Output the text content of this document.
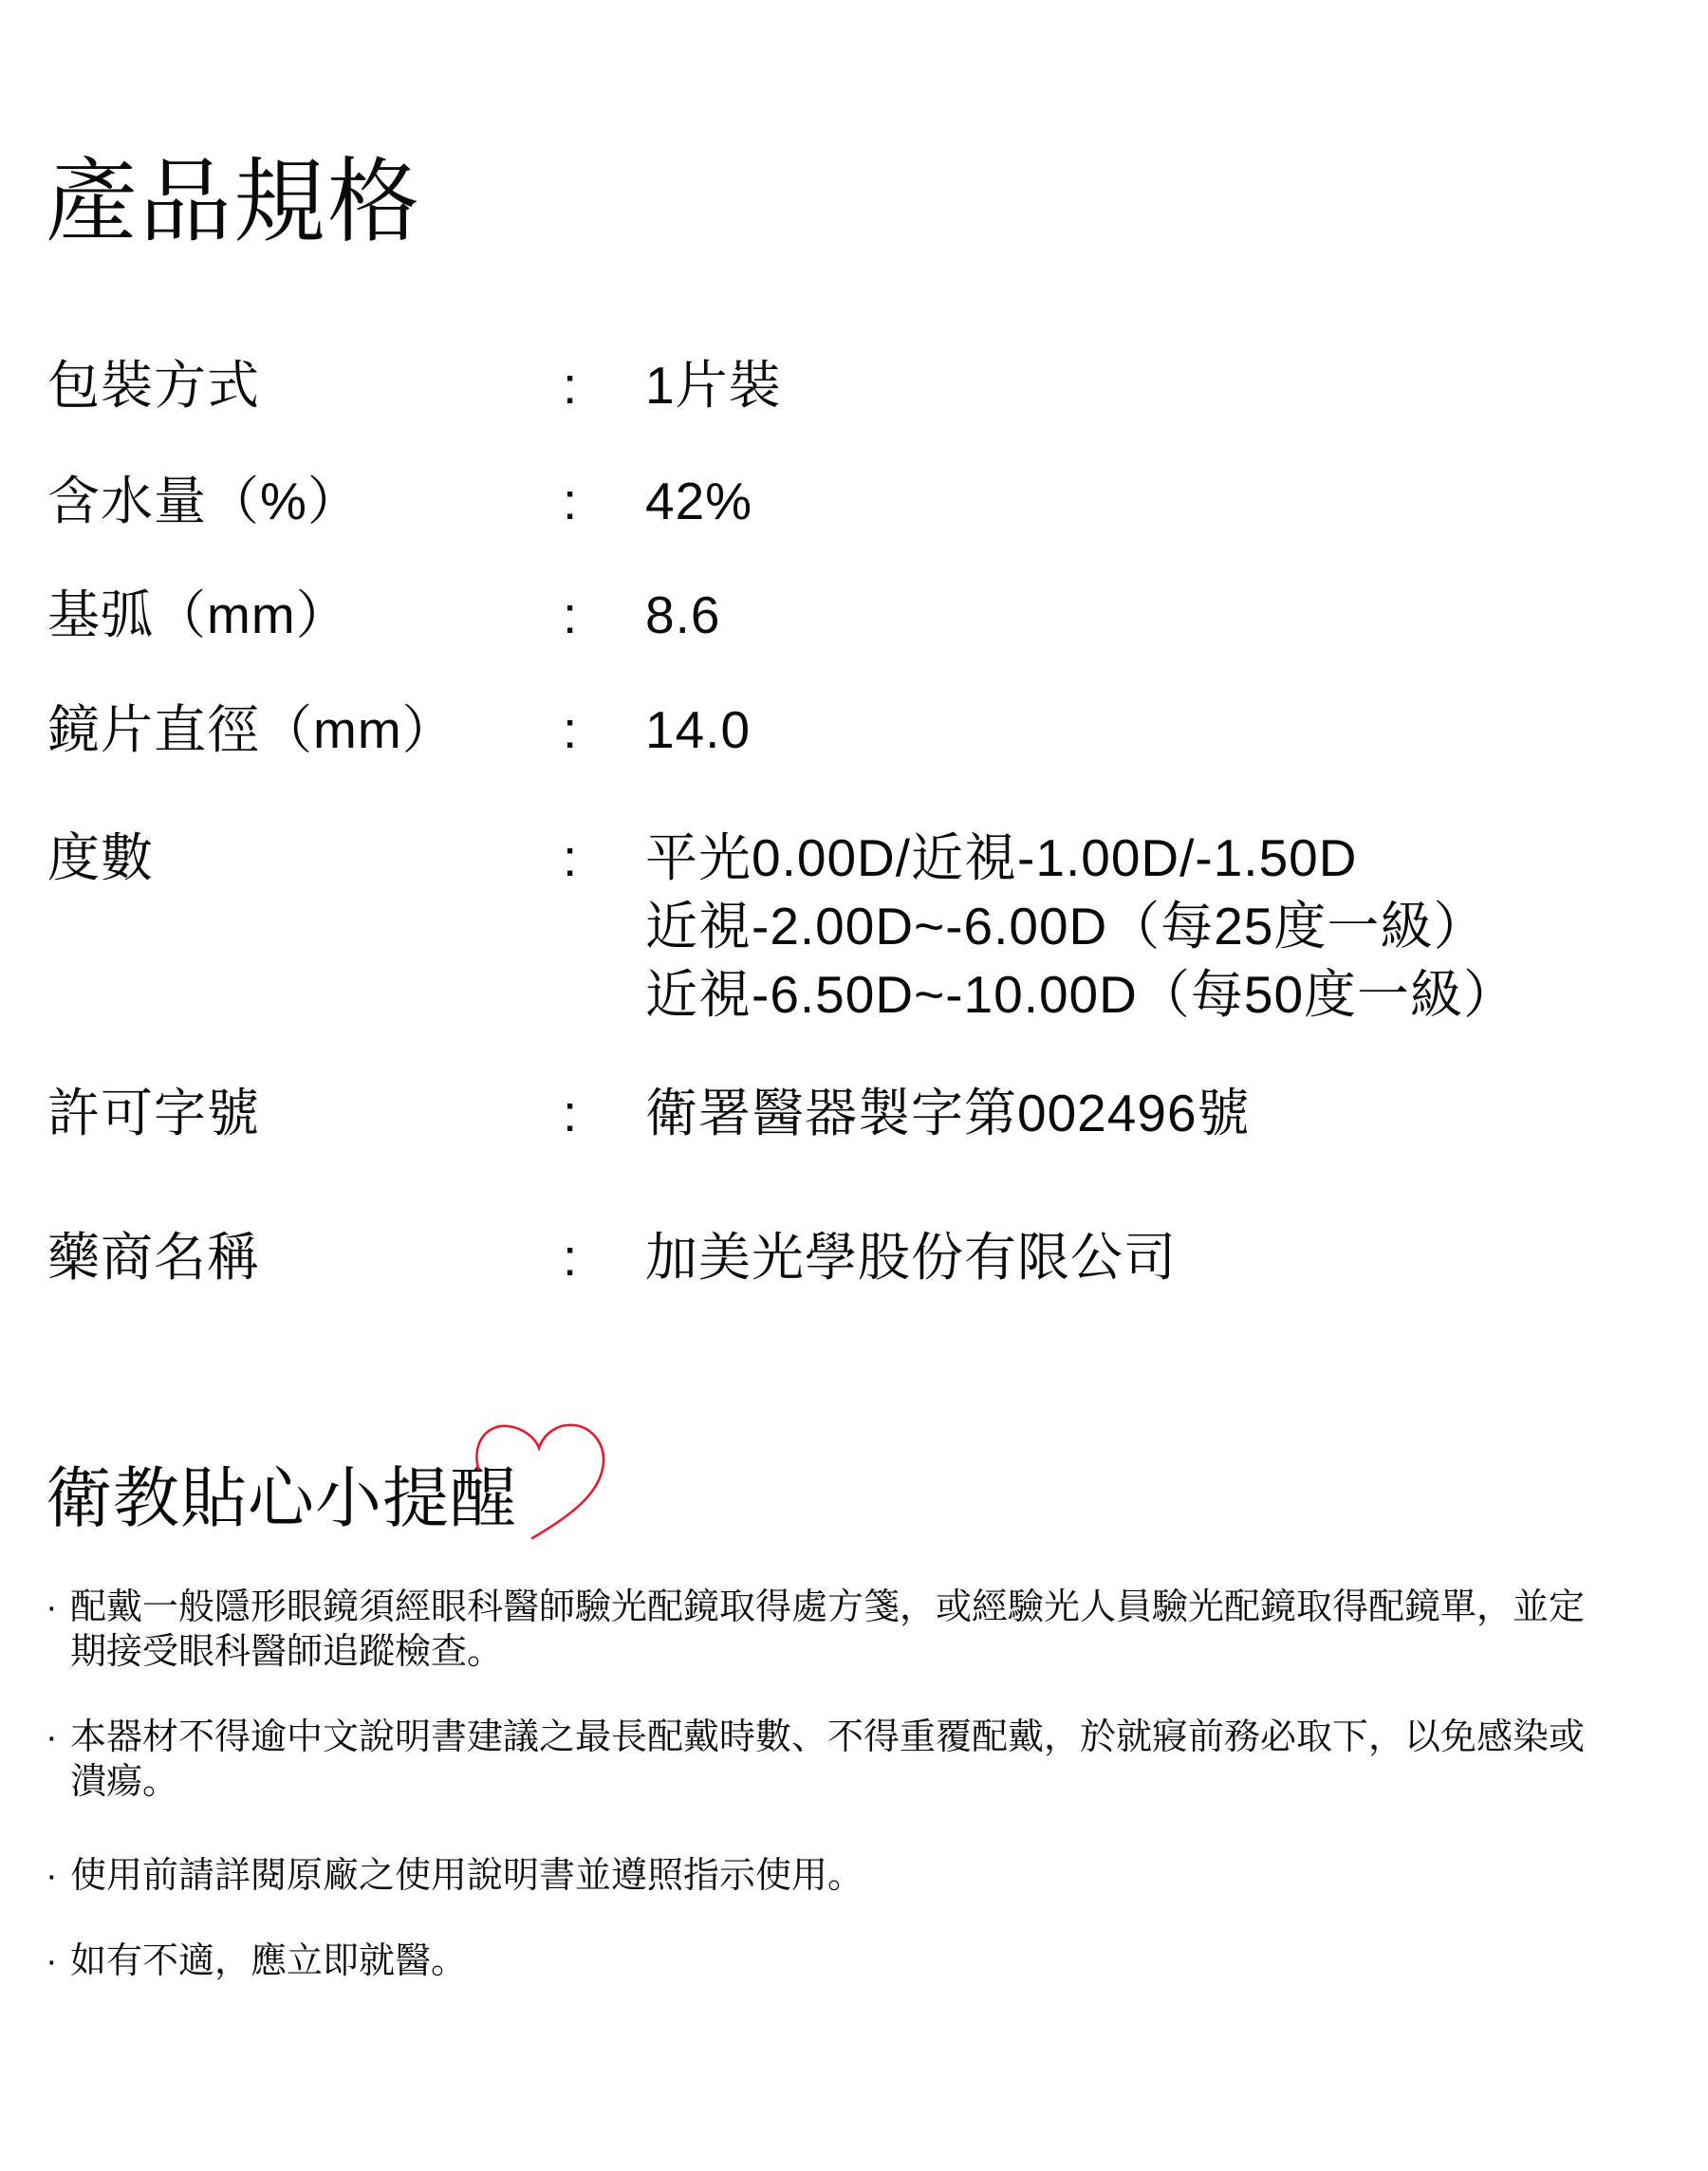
產品規格
包裝方式	: 1片裝
含水量（%）	: 42%
基弧（mm）	: 8.6
鏡片直徑（mm） : 14.0
度數	: 平光0.00D/近視-1.00D/-1.50D
近視-2.00D~-6.00D（每25度一級）
近視-6.50D~-10.00D（每50度一級）
許可字號	: 衛署醫器製字第002496號
藥商名稱	: 加美光學股份有限公司
衛教貼心小提醒
· 配戴一般隱形眼鏡須經眼科醫師驗光配鏡取得處方箋，或經驗光人員驗光配鏡取得配鏡單，並定
期接受眼科醫師追蹤檢查。
· 本器材不得逾中文說明書建議之最長配戴時數、不得重覆配戴，於就寢前務必取下，以免感染或
潰瘍。
· 使用前請詳閱原廠之使用說明書並遵照指示使用。
· 如有不適，應立即就醫。
